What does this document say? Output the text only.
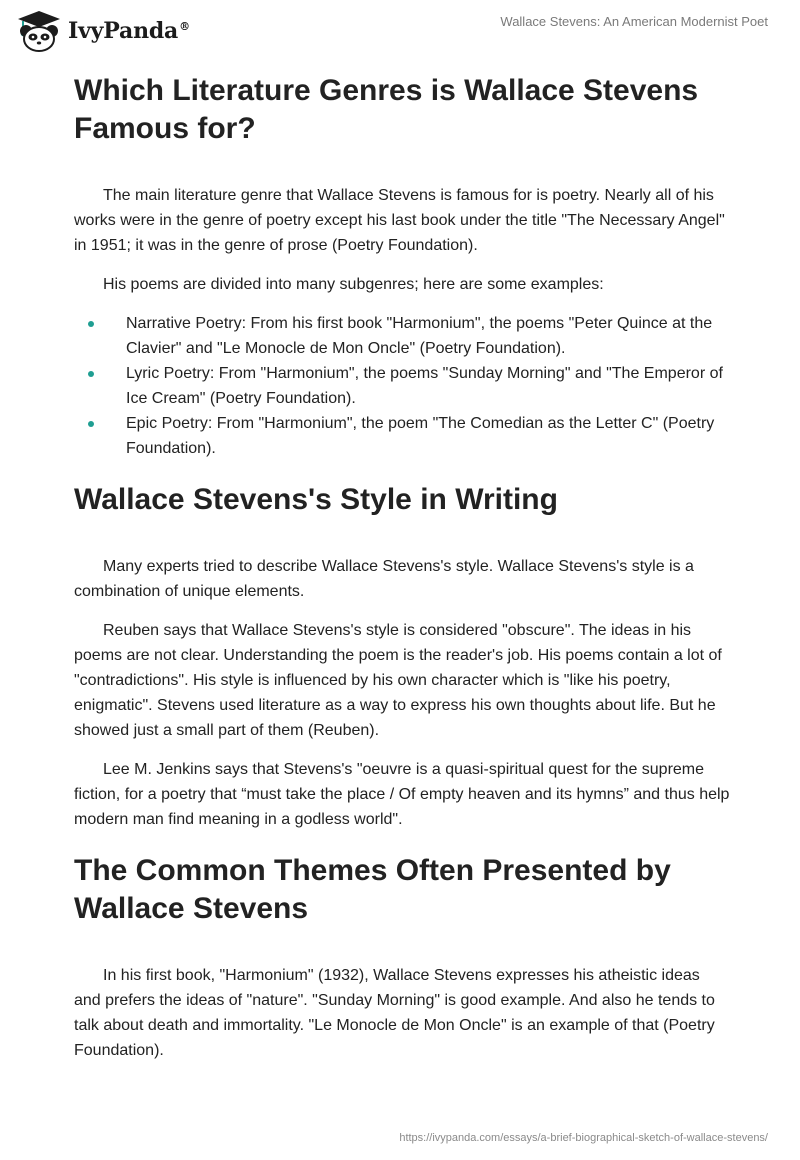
IvyPanda®	Wallace Stevens: An American Modernist Poet
Which Literature Genres is Wallace Stevens Famous for?

The main literature genre that Wallace Stevens is famous for is poetry. Nearly all of his works were in the genre of poetry except his last book under the title "The Necessary Angel" in 1951; it was in the genre of prose (Poetry Foundation).

His poems are divided into many subgenres; here are some examples:

Narrative Poetry: From his first book "Harmonium", the poems "Peter Quince at the Clavier" and "Le Monocle de Mon Oncle" (Poetry Foundation).
Lyric Poetry: From "Harmonium", the poems "Sunday Morning" and "The Emperor of Ice Cream" (Poetry Foundation).
Epic Poetry: From "Harmonium", the poem "The Comedian as the Letter C" (Poetry Foundation).
Wallace Stevens's Style in Writing

Many experts tried to describe Wallace Stevens's style. Wallace Stevens's style is a combination of unique elements.

Reuben says that Wallace Stevens's style is considered "obscure". The ideas in his poems are not clear. Understanding the poem is the reader's job. His poems contain a lot of "contradictions". His style is influenced by his own character which is "like his poetry, enigmatic". Stevens used literature as a way to express his own thoughts about life. But he showed just a small part of them (Reuben).

Lee M. Jenkins says that Stevens's "oeuvre is a quasi-spiritual quest for the supreme fiction, for a poetry that “must take the place / Of empty heaven and its hymns” and thus help modern man find meaning in a godless world".

The Common Themes Often Presented by Wallace Stevens

In his first book, "Harmonium" (1932), Wallace Stevens expresses his atheistic ideas and prefers the ideas of "nature". "Sunday Morning" is good example. And also he tends to talk about death and immortality. "Le Monocle de Mon Oncle" is an example of that (Poetry Foundation).

https://ivypanda.com/essays/a-brief-biographical-sketch-of-wallace-stevens/
